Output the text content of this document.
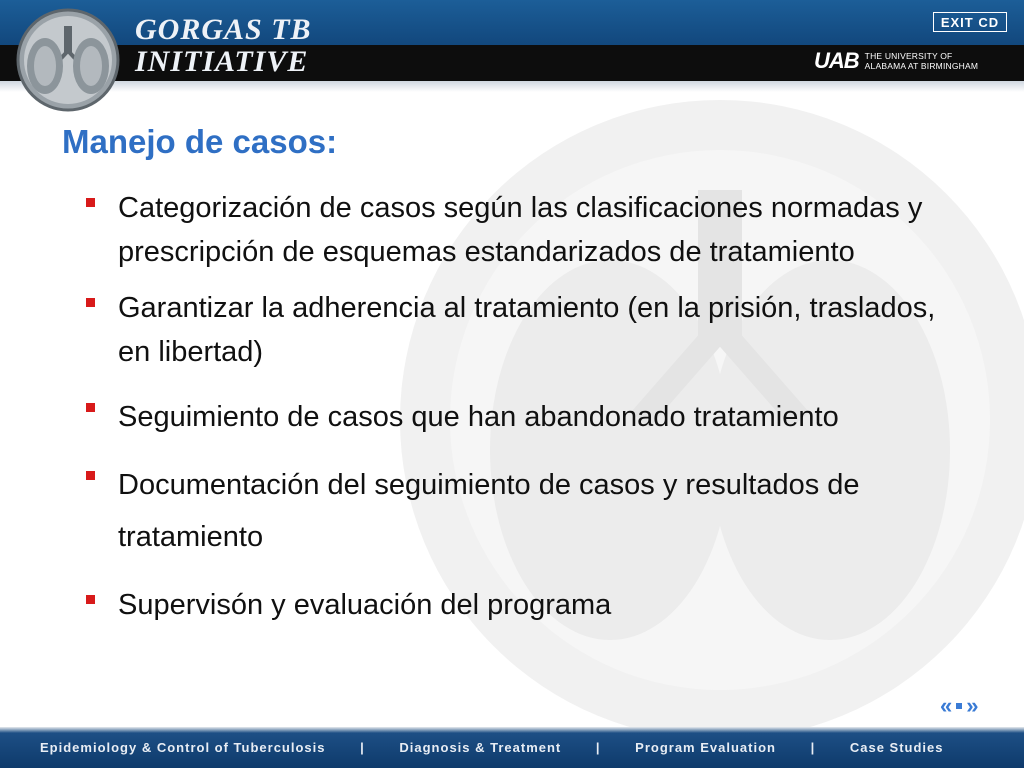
GORGAS TB
INITIATIVE
EXIT CD
UAB THE UNIVERSITY OF
ALABAMA AT BIRMINGHAM
Manejo de casos:
Categorización de casos según las clasificaciones normadas y prescripción de esquemas estandarizados de tratamiento
Garantizar la adherencia al tratamiento (en la prisión, traslados, en libertad)
Seguimiento de casos que han abandonado tratamiento
Documentación del seguimiento de casos y resultados de tratamiento
Supervisón y evaluación del programa
« »
Epidemiology & Control of Tuberculosis	|	Diagnosis & Treatment	|	Program Evaluation	|	Case Studies
